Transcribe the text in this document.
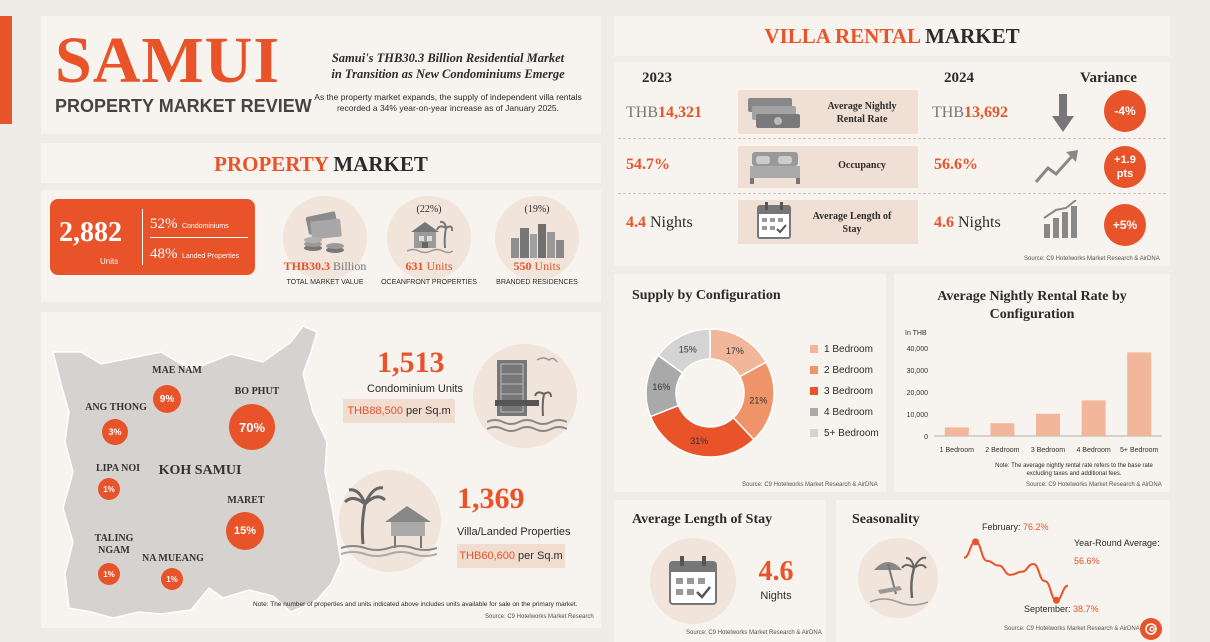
SAMUI
PROPERTY MARKET REVIEW
Samui's THB30.3 Billion Residential Market
in Transition as New Condominiums Emerge
As the property market expands, the supply of independent villa rentals
recorded a 34% year-on-year increase as of January 2025.
PROPERTY MARKET
2,882
Units
52% Condominiums
48% Landed Properties
THB30.3 Billion
TOTAL MARKET VALUE
(22%)
631 Units
OCEANFRONT PROPERTIES
(19%)
550 Units
BRANDED RESIDENCES
MAE NAM
9%
BO PHUT
70%
ANG THONG
3%
LIPA NOI
1%
KOH SAMUI
MARET
15%
TALING NGAM
1%
NA MUEANG
1%
1,513
Condominium Units
THB88,500 per Sq.m
1,369
Villa/Landed Properties
THB60,600 per Sq.m
Note: The number of properties and units indicated above includes units available for sale on the primary market.
Source: C9 Hotelworks Market Research
VILLA RENTAL MARKET
2023	2024	Variance
THB14,321	Average Nightly Rental Rate	THB13,692	-4%
54.7%	Occupancy	56.6%	+1.9 pts
4.4 Nights	Average Length of Stay	4.6 Nights	+5%
Source: C9 Hotelworks Market Research & AirDNA
Supply by Configuration
17%
21%
31%
16%
15%	1 Bedroom
2 Bedroom
3 Bedroom
4 Bedroom
5+ Bedroom
Source: C9 Hotelworks Market Research & AirDNA
Average Nightly Rental Rate by
Configuration
In THB
0
10,000
20,000
30,000
40,000
1 Bedroom 2 Bedroom 3 Bedroom 4 Bedroom 5+ Bedroom
Note: The average nightly rental rate refers to the base rate
excluding taxes and additional fees.
Source: C9 Hotelworks Market Research & AirDNA
Average Length of Stay
4.6
Nights
Source: C9 Hotelworks Market Research & AirDNA
Seasonality	February: 76.2%
Year-Round Average:
56.6%
September: 38.7%
Source: C9 Hotelworks Market Research & AirDNA
